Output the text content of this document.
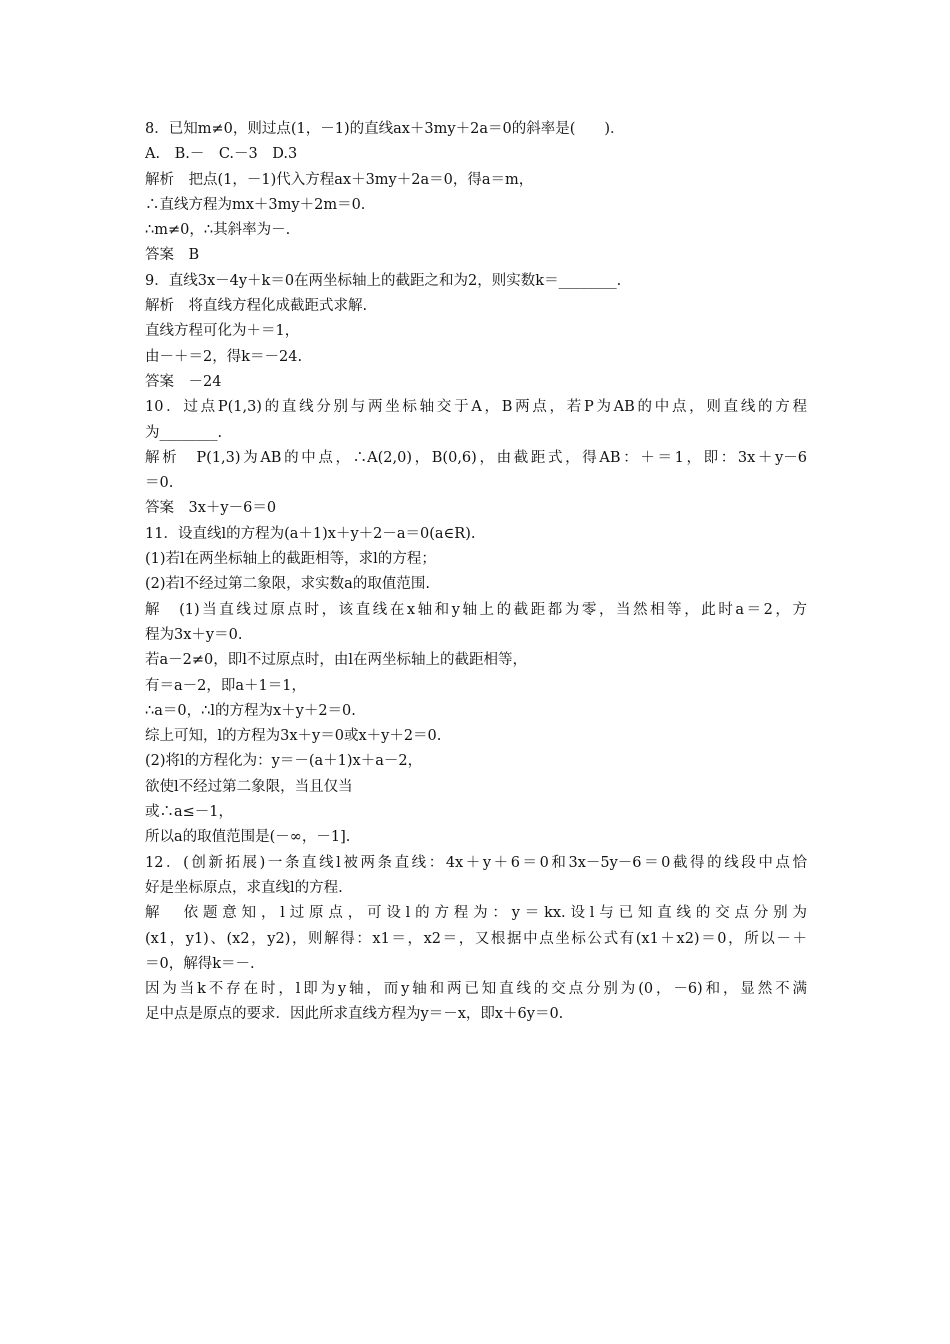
8．已知m≠0，则过点(1，－1)的直线ax＋3my＋2a＝0的斜率是(　　)．
A.　B.－　C.－3　D.3
解析　把点(1，－1)代入方程ax＋3my＋2a＝0，得a＝m，
∴直线方程为mx＋3my＋2m＝0.
∴m≠0，∴其斜率为－.
答案　B
9．直线3x－4y＋k＝0在两坐标轴上的截距之和为2，则实数k＝________.
解析　将直线方程化成截距式求解.
直线方程可化为＋＝1，
由－＋＝2，得k＝－24.
答案　－24
10．过点P(1,3)的直线分别与两坐标轴交于A，B两点，若P为AB的中点，则直线的方程
为________.
解析　P(1,3)为AB的中点，∴A(2,0)，B(0,6)，由截距式，得AB：＋＝1，即：3x＋y－6
＝0.
答案　3x＋y－6＝0
11．设直线l的方程为(a＋1)x＋y＋2－a＝0(a∈R).
(1)若l在两坐标轴上的截距相等，求l的方程；
(2)若l不经过第二象限，求实数a的取值范围.
解　(1)当直线过原点时，该直线在x轴和y轴上的截距都为零，当然相等，此时a＝2，方
程为3x＋y＝0.
若a－2≠0，即l不过原点时，由l在两坐标轴上的截距相等，
有＝a－2，即a＋1＝1，
∴a＝0，∴l的方程为x＋y＋2＝0.
综上可知，l的方程为3x＋y＝0或x＋y＋2＝0.
(2)将l的方程化为：y＝－(a＋1)x＋a－2，
欲使l不经过第二象限，当且仅当
或∴a≤－1，
所以a的取值范围是(－∞，－1].
12．(创新拓展)一条直线l被两条直线：4x＋y＋6＝0和3x－5y－6＝0截得的线段中点恰
好是坐标原点，求直线l的方程.
解　依题意知，l过原点，可设l的方程为：y＝kx.设l与已知直线的交点分别为
(x1，y1)、(x2，y2)，则解得：x1＝，x2＝，又根据中点坐标公式有(x1＋x2)＝0，所以－＋
＝0，解得k＝－.
因为当k不存在时，l即为y轴，而y轴和两已知直线的交点分别为(0，－6)和，显然不满
足中点是原点的要求．因此所求直线方程为y＝－x，即x＋6y＝0.
